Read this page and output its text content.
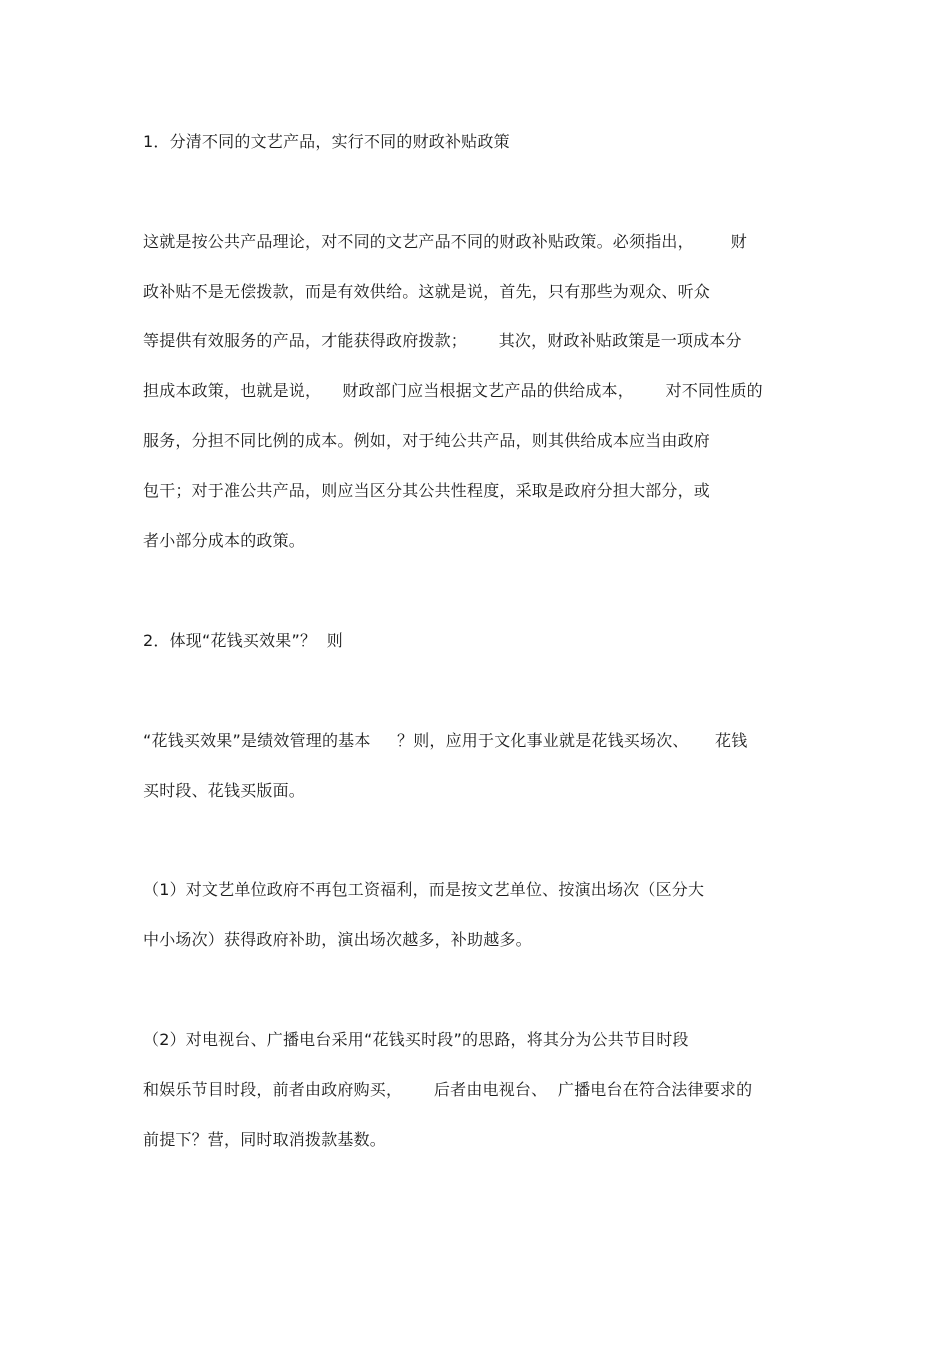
1．分清不同的文艺产品，实行不同的财政补贴政策
这就是按公共产品理论，对不同的文艺产品不同的财政补贴政策。必须指出，       财
政补贴不是无偿拨款，而是有效供给。这就是说，首先，只有那些为观众、听众
等提供有效服务的产品，才能获得政府拨款；      其次，财政补贴政策是一项成本分
担成本政策，也就是说，    财政部门应当根据文艺产品的供给成本，      对不同性质的
服务，分担不同比例的成本。例如，对于纯公共产品，则其供给成本应当由政府
包干；对于准公共产品，则应当区分其公共性程度，采取是政府分担大部分，或
者小部分成本的政策。
2．体现“花钱买效果”？  则
“花钱买效果”是绩效管理的基本     ？则，应用于文化事业就是花钱买场次、     花钱
买时段、花钱买版面。
（1）对文艺单位政府不再包工资福利，而是按文艺单位、按演出场次（区分大
中小场次）获得政府补助，演出场次越多，补助越多。
（2）对电视台、广播电台采用“花钱买时段”的思路，将其分为公共节目时段
和娱乐节目时段，前者由政府购买，      后者由电视台、  广播电台在符合法律要求的
前提下？营，同时取消拨款基数。
